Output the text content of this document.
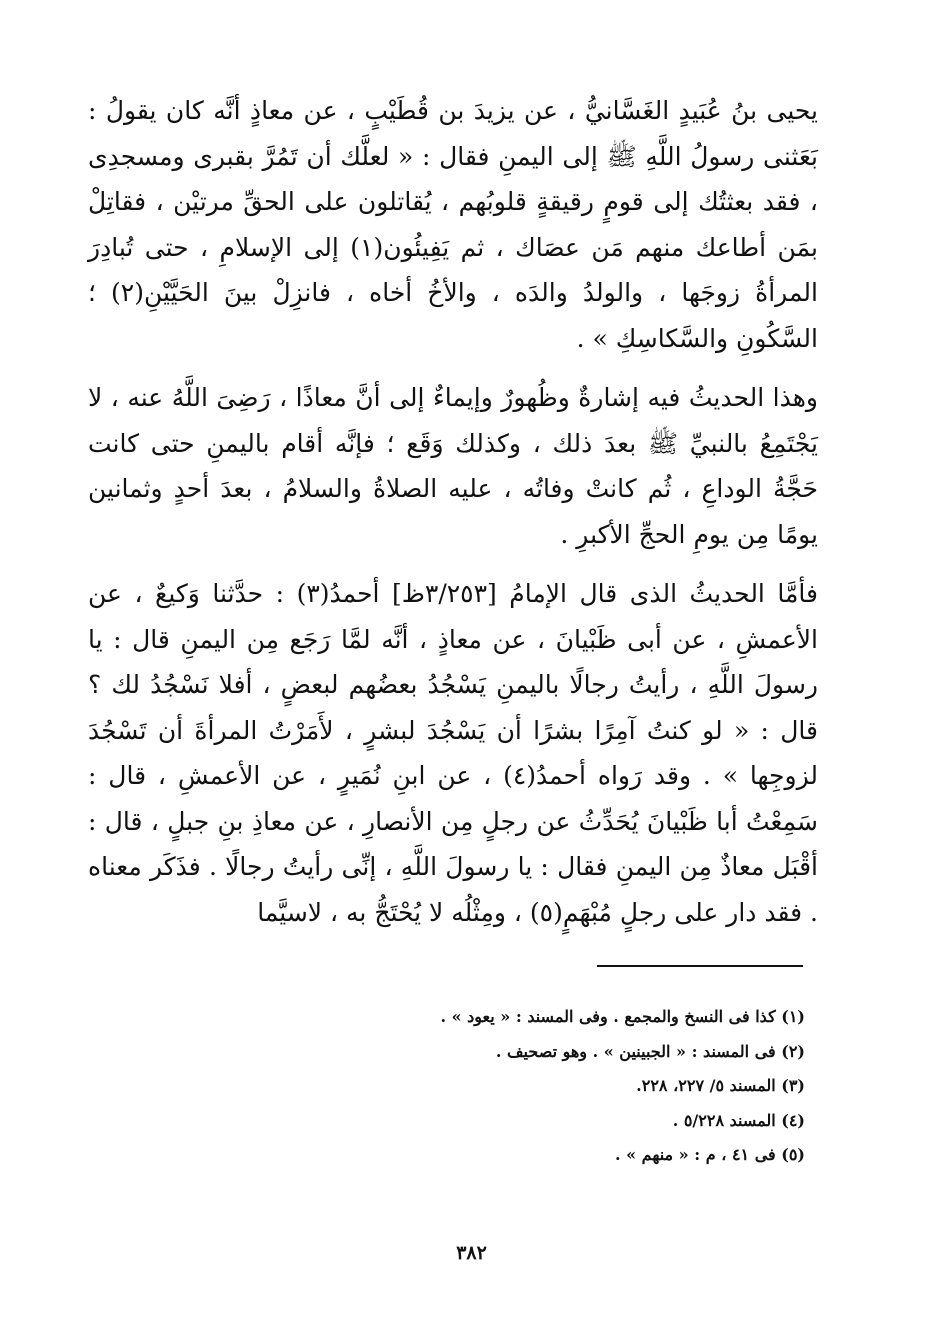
يحيى بنُ عُبَيدٍ الغَسَّانيُّ ، عن يزيدَ بن قُطَيْبٍ ، عن معاذٍ أنَّه كان يقولُ : بَعَثنى رسولُ اللَّهِ ﷺ إلى اليمنِ فقال : « لعلَّك أن تَمُرَّ بقبرى ومسجدِى ، فقد بعثتُك إلى قومٍ رقيقةٍ قلوبُهم ، يُقاتلون على الحقِّ مرتيْن ، فقاتِلْ بمَن أطاعك منهم مَن عصَاك ، ثم يَفِيئُون(١) إلى الإسلامِ ، حتى تُبادِرَ المرأةُ زوجَها ، والولدُ والدَه ، والأخُ أخاه ، فانزِلْ بينَ الحَيَّيْنِ(٢) ؛ السَّكُونِ والسَّكاسِكِ » .

وهذا الحديثُ فيه إشارةٌ وظُهورٌ وإيماءٌ إلى أنَّ معاذًا ، رَضِىَ اللَّهُ عنه ، لا يَجْتَمِعُ بالنبيِّ ﷺ بعدَ ذلك ، وكذلك وَقَع ؛ فإنَّه أقام باليمنِ حتى كانت حَجَّةُ الوداعِ ، ثُم كانتْ وفاتُه ، عليه الصلاةُ والسلامُ ، بعدَ أحدٍ وثمانين يومًا مِن يومِ الحجِّ الأكبرِ .

فأمَّا الحديثُ الذى قال الإمامُ [٣/٢٥٣ظ] أحمدُ(٣) : حدَّثنا وَكيعٌ ، عن الأعمشِ ، عن أبى ظَبْيانَ ، عن معاذٍ ، أنَّه لمَّا رَجَع مِن اليمنِ قال : يا رسولَ اللَّهِ ، رأيتُ رجالًا باليمنِ يَسْجُدُ بعضُهم لبعضٍ ، أفلا نَسْجُدُ لك ؟ قال : « لو كنتُ آمِرًا بشرًا أن يَسْجُدَ لبشرٍ ، لأَمَرْتُ المرأةَ أن تَسْجُدَ لزوجِها » . وقد رَواه أحمدُ(٤) ، عن ابنِ نُمَيرٍ ، عن الأعمشِ ، قال : سَمِعْتُ أبا ظَبْيانَ يُحَدِّثُ عن رجلٍ مِن الأنصارِ ، عن معاذِ بنِ جبلٍ ، قال : أقْبَل معاذٌ مِن اليمنِ فقال : يا رسولَ اللَّهِ ، إنِّى رأيتُ رجالًا . فذَكَر معناه . فقد دار على رجلٍ مُبْهَمٍ(٥) ، ومِثْلُه لا يُحْتَجُّ به ، لاسيَّما

(١) كذا فى النسخ والمجمع . وفى المسند : « يعود » .

(٢) فى المسند : « الجبينين » . وهو تصحيف .

(٣) المسند ٥/ ٢٢٧، ٢٢٨.

(٤) المسند ٥/٢٢٨ .

(٥) فى ٤١ ، م : « منهم » .

٣٨٢
